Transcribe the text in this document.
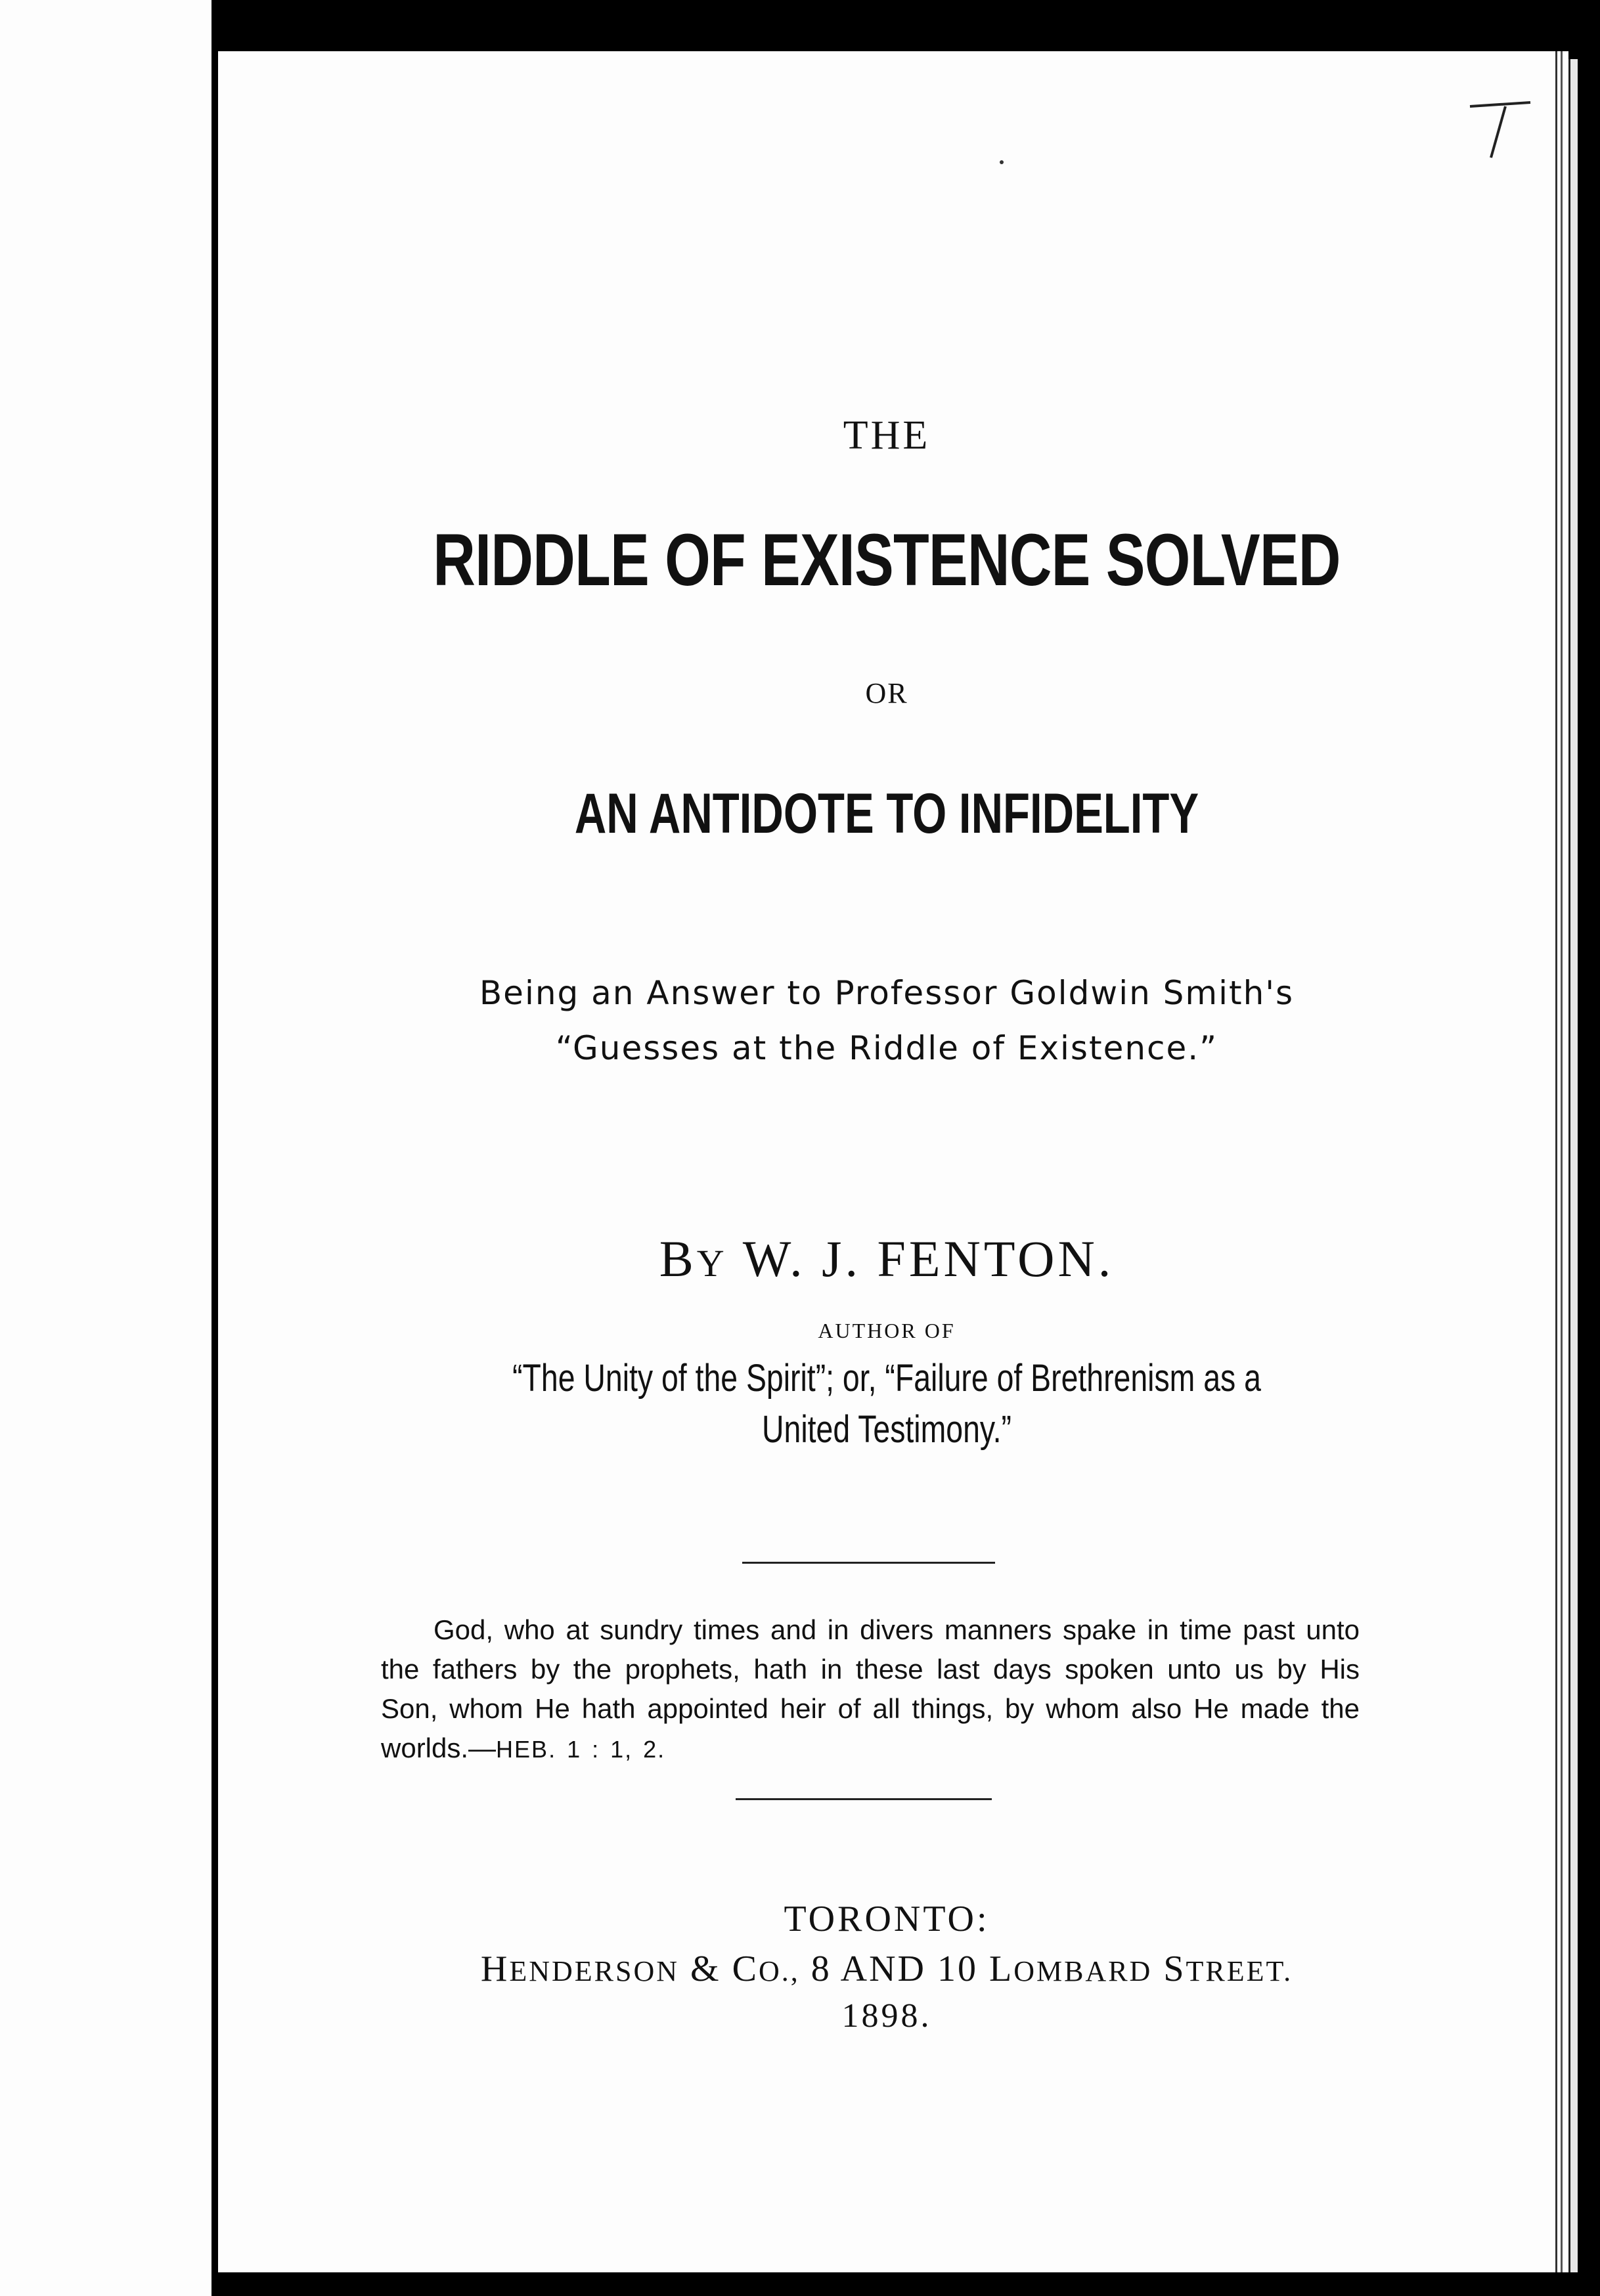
THE
RIDDLE OF EXISTENCE SOLVED
OR
AN ANTIDOTE TO INFIDELITY
Being an Answer to Professor Goldwin Smith's
“Guesses at the Riddle of Existence.”
BY W. J. FENTON.
AUTHOR OF
“The Unity of the Spirit”; or, “Failure of Brethrenism as a
United Testimony.”
God, who at sundry times and in divers manners spake in time past unto the fathers by the prophets, hath in these last days spoken unto us by His Son, whom He hath appointed heir of all things, by whom also He made the worlds.—HEB. 1 : 1, 2.
TORONTO:
HENDERSON & CO., 8 AND 10 LOMBARD STREET.
1898.
